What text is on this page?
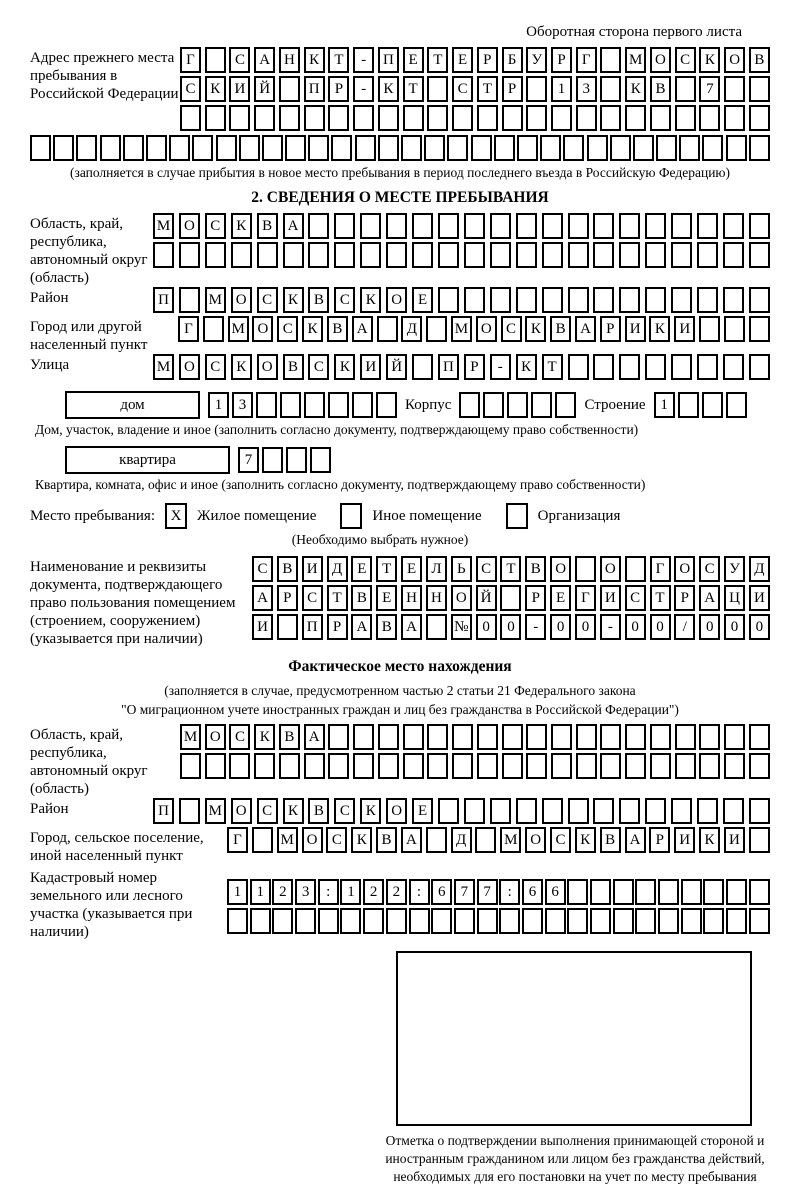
Оборотная сторона первого листа
Адрес прежнего места пребывания в Российской Федерации
Г	С А Н К	Т	-	П Е	Т	Е	Р	Б	У	Р	Г	М О С К О В
С К И Й	П	Р	-	К	Т	С	Т	Р	1	3	К В	7
(заполняется в случае прибытия в новое место пребывания в период последнего въезда в Российскую Федерацию)
2. СВЕДЕНИЯ О МЕСТЕ ПРЕБЫВАНИЯ
Область, край, республика, автономный округ (область)
М О	С	К	В	А
Район	П	М О	С	К	В	С	К	О	Е
Город или другой населенный пункт
Г	М О С К В А	Д	М О С К В А	Р	И К И
Улица	М О	С	К	О	В	С	К	И	Й	П	Р	-	К	Т
дом	1	3	Корпус	Строение 1
Дом, участок, владение и иное (заполнить согласно документу, подтверждающему право собственности)
квартира	7
Квартира, комната, офис и иное (заполнить согласно документу, подтверждающему право собственности)
Место пребывания:	X	Жилое помещение	Иное помещение	Организация
(Необходимо выбрать нужное)
Наименование и реквизиты документа, подтверждающего право пользования помещением (строением, сооружением) (указывается при наличии)
С В И Д	Е	Т	Е	Л	Ь	С	Т	В О	О	Г	О С У Д
А	Р	С	Т	В	Е Н Н О Й	Р	Е	Г	И С	Т	Р	А Ц И
И	П	Р	А В А	№ 0	0	-	0	0	-	0	0	/	0	0	0
Фактическое место нахождения
(заполняется в случае, предусмотренном частью 2 статьи 21 Федерального закона
"О миграционном учете иностранных граждан и лиц без гражданства в Российской Федерации")
Область, край, республика, автономный округ (область)
М О С К В А
Район	П	М О	С	К	В	С	К	О	Е
Город, сельское поселение, иной населенный пункт
Г	М О С К В А	Д	М О С К В А	Р	И К И
Кадастровый номер земельного или лесного участка (указывается при наличии)
1	1	2	3	:	1	2	2	:	6	7	7	:	6	6
Отметка о подтверждении выполнения принимающей стороной и иностранным гражданином или лицом без гражданства действий, необходимых для его постановки на учет по месту пребывания
